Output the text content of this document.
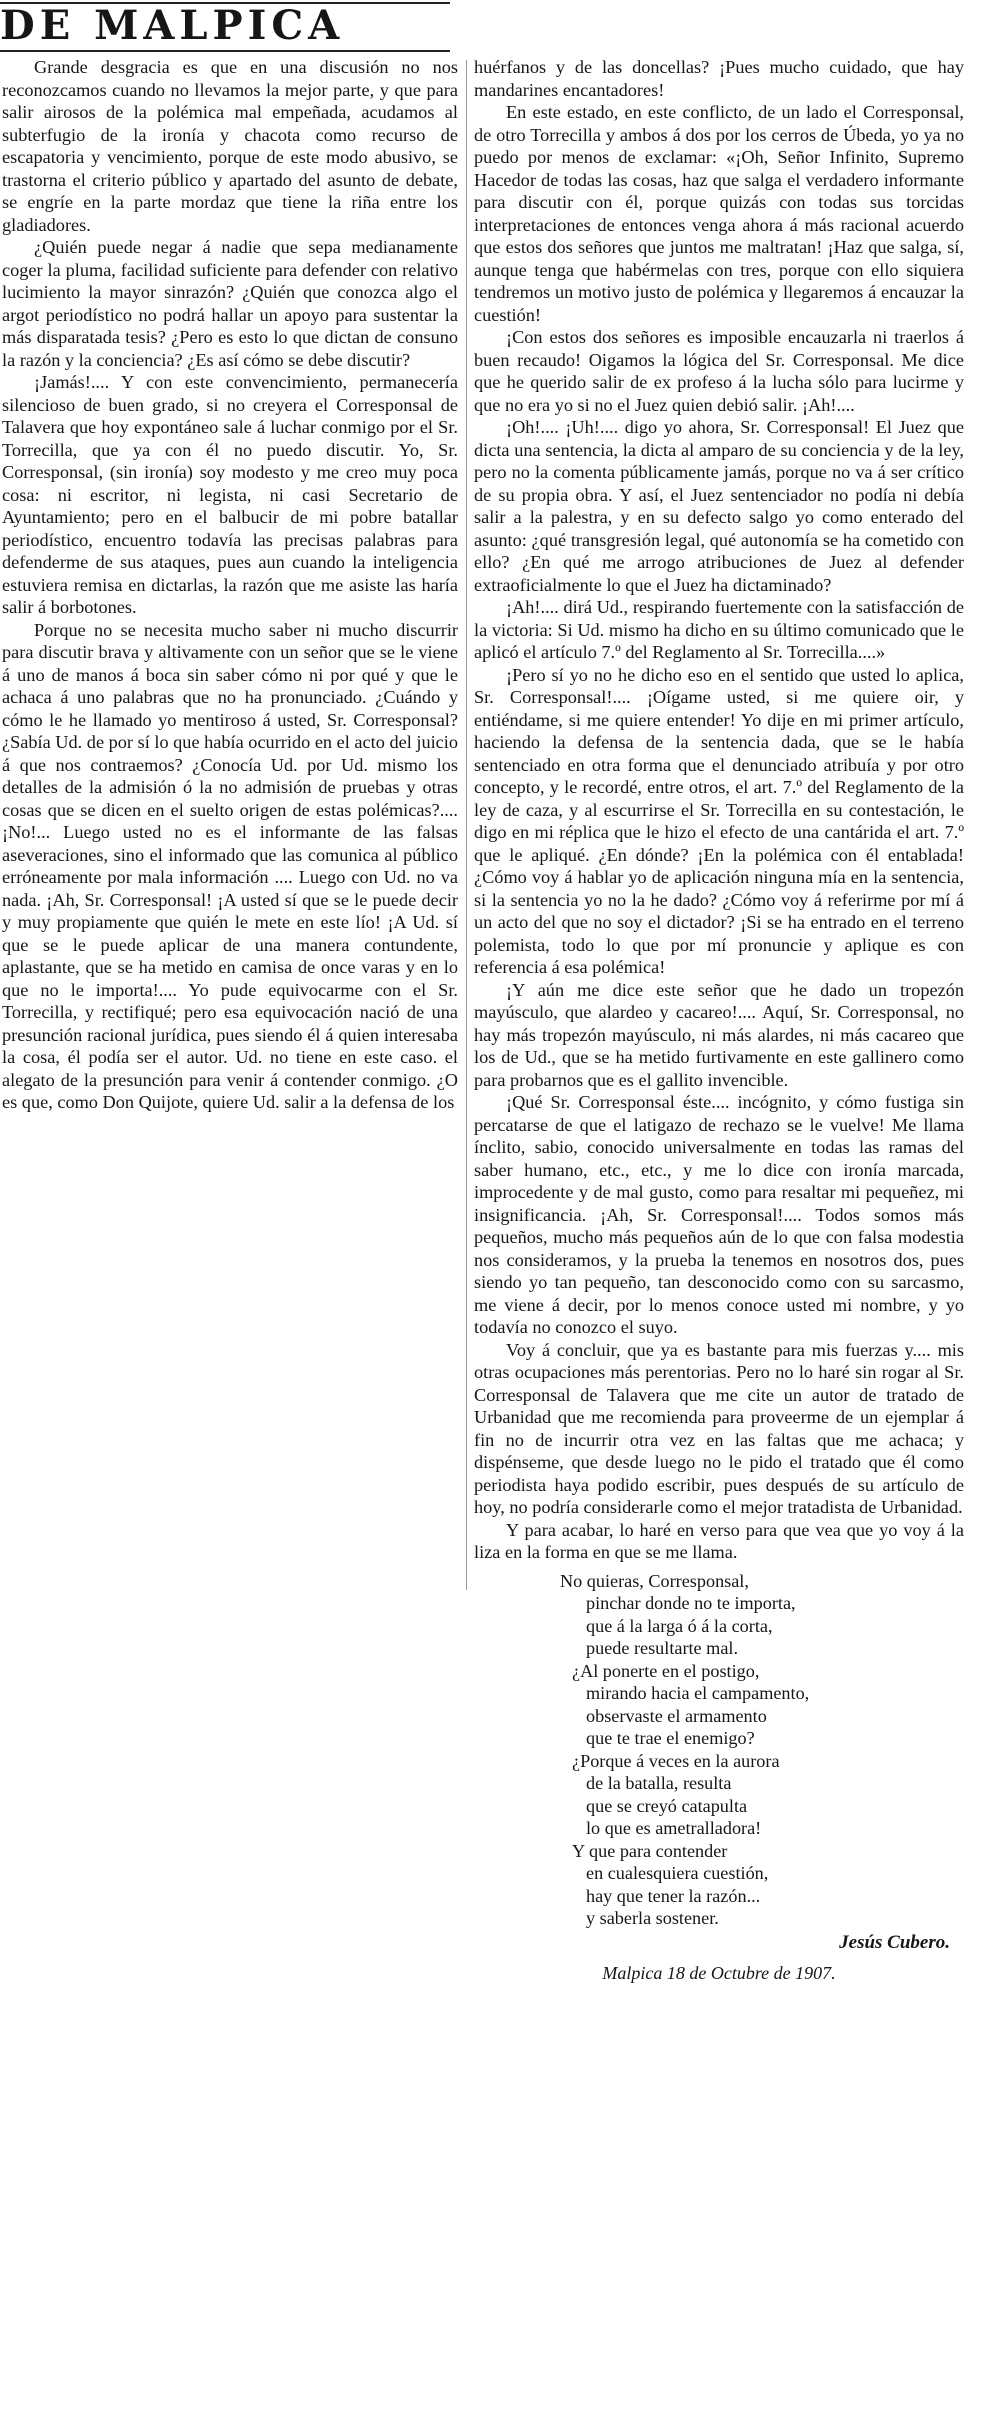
DE MALPICA

Grande desgracia es que en una discusión no nos reconozcamos cuando no llevamos la mejor parte, y que para salir airosos de la polémica mal empeñada, acudamos al subterfugio de la ironía y chacota como recurso de escapatoria y vencimiento, porque de este modo abusivo, se trastorna el criterio público y apartado del asunto de debate, se engríe en la parte mordaz que tiene la riña entre los gladiadores.

¿Quién puede negar á nadie que sepa medianamente coger la pluma, facilidad suficiente para defender con relativo lucimiento la mayor sinrazón? ¿Quién que conozca algo el argot periodístico no podrá hallar un apoyo para sustentar la más disparatada tesis? ¿Pero es esto lo que dictan de consuno la razón y la conciencia? ¿Es así cómo se debe discutir?

¡Jamás!.... Y con este convencimiento, permanecería silencioso de buen grado, si no creyera el Corresponsal de Talavera que hoy expontáneo sale á luchar conmigo por el Sr. Torrecilla, que ya con él no puedo discutir. Yo, Sr. Corresponsal, (sin ironía) soy modesto y me creo muy poca cosa: ni escritor, ni legista, ni casi Secretario de Ayuntamiento; pero en el balbucir de mi pobre batallar periodístico, encuentro todavía las precisas palabras para defenderme de sus ataques, pues aun cuando la inteligencia estuviera remisa en dictarlas, la razón que me asiste las haría salir á borbotones.

Porque no se necesita mucho saber ni mucho discurrir para discutir brava y altivamente con un señor que se le viene á uno de manos á boca sin saber cómo ni por qué y que le achaca á uno palabras que no ha pronunciado. ¿Cuándo y cómo le he llamado yo mentiroso á usted, Sr. Corresponsal? ¿Sabía Ud. de por sí lo que había ocurrido en el acto del juicio á que nos contraemos? ¿Conocía Ud. por Ud. mismo los detalles de la admisión ó la no admisión de pruebas y otras cosas que se dicen en el suelto origen de estas polémicas?.... ¡No!... Luego usted no es el informante de las falsas aseveraciones, sino el informado que las comunica al público erróneamente por mala información .... Luego con Ud. no va nada. ¡Ah, Sr. Corresponsal! ¡A usted sí que se le puede decir y muy propiamente que quién le mete en este lío! ¡A Ud. sí que se le puede aplicar de una manera contundente, aplastante, que se ha metido en camisa de once varas y en lo que no le importa!.... Yo pude equivocarme con el Sr. Torrecilla, y rectifiqué; pero esa equivocación nació de una presunción racional jurídica, pues siendo él á quien interesaba la cosa, él podía ser el autor. Ud. no tiene en este caso. el alegato de la presunción para venir á contender conmigo. ¿O es que, como Don Quijote, quiere Ud. salir a la defensa de los

huérfanos y de las doncellas? ¡Pues mucho cuidado, que hay mandarines encantadores!

En este estado, en este conflicto, de un lado el Corresponsal, de otro Torrecilla y ambos á dos por los cerros de Úbeda, yo ya no puedo por menos de exclamar: «¡Oh, Señor Infinito, Supremo Hacedor de todas las cosas, haz que salga el verdadero informante para discutir con él, porque quizás con todas sus torcidas interpretaciones de entonces venga ahora á más racional acuerdo que estos dos señores que juntos me maltratan! ¡Haz que salga, sí, aunque tenga que habérmelas con tres, porque con ello siquiera tendremos un motivo justo de polémica y llegaremos á encauzar la cuestión!

¡Con estos dos señores es imposible encauzarla ni traerlos á buen recaudo! Oigamos la lógica del Sr. Corresponsal. Me dice que he querido salir de ex profeso á la lucha sólo para lucirme y que no era yo si no el Juez quien debió salir. ¡Ah!....

¡Oh!.... ¡Uh!.... digo yo ahora, Sr. Corresponsal! El Juez que dicta una sentencia, la dicta al amparo de su conciencia y de la ley, pero no la comenta públicamente jamás, porque no va á ser crítico de su propia obra. Y así, el Juez sentenciador no podía ni debía salir a la palestra, y en su defecto salgo yo como enterado del asunto: ¿qué transgresión legal, qué autonomía se ha cometido con ello? ¿En qué me arrogo atribuciones de Juez al defender extraoficialmente lo que el Juez ha dictaminado?

¡Ah!.... dirá Ud., respirando fuertemente con la satisfacción de la victoria: Si Ud. mismo ha dicho en su último comunicado que le aplicó el artículo 7.º del Reglamento al Sr. Torrecilla....»

¡Pero sí yo no he dicho eso en el sentido que usted lo aplica, Sr. Corresponsal!.... ¡Oígame usted, si me quiere oir, y entiéndame, si me quiere entender! Yo dije en mi primer artículo, haciendo la defensa de la sentencia dada, que se le había sentenciado en otra forma que el denunciado atribuía y por otro concepto, y le recordé, entre otros, el art. 7.º del Reglamento de la ley de caza, y al escurrirse el Sr. Torrecilla en su contestación, le digo en mi réplica que le hizo el efecto de una cantárida el art. 7.º que le apliqué. ¿En dónde? ¡En la polémica con él entablada! ¿Cómo voy á hablar yo de aplicación ninguna mía en la sentencia, si la sentencia yo no la he dado? ¿Cómo voy á referirme por mí á un acto del que no soy el dictador? ¡Si se ha entrado en el terreno polemista, todo lo que por mí pronuncie y aplique es con referencia á esa polémica!

¡Y aún me dice este señor que he dado un tropezón mayúsculo, que alardeo y cacareo!.... Aquí, Sr. Corresponsal, no hay más tropezón mayúsculo, ni más alardes, ni más cacareo que los de Ud., que se ha metido furtivamente en este gallinero como para probarnos que es el gallito invencible.

¡Qué Sr. Corresponsal éste.... incógnito, y cómo fustiga sin percatarse de que el latigazo de rechazo se le vuelve! Me llama ínclito, sabio, conocido universalmente en todas las ramas del saber humano, etc., etc., y me lo dice con ironía marcada, improcedente y de mal gusto, como para resaltar mi pequeñez, mi insignificancia. ¡Ah, Sr. Corresponsal!.... Todos somos más pequeños, mucho más pequeños aún de lo que con falsa modestia nos consideramos, y la prueba la tenemos en nosotros dos, pues siendo yo tan pequeño, tan desconocido como con su sarcasmo, me viene á decir, por lo menos conoce usted mi nombre, y yo todavía no conozco el suyo.

Voy á concluir, que ya es bastante para mis fuerzas y.... mis otras ocupaciones más perentorias. Pero no lo haré sin rogar al Sr. Corresponsal de Talavera que me cite un autor de tratado de Urbanidad que me recomienda para proveerme de un ejemplar á fin no de incurrir otra vez en las faltas que me achaca; y dispénseme, que desde luego no le pido el tratado que él como periodista haya podido escribir, pues después de su artículo de hoy, no podría considerarle como el mejor tratadista de Urbanidad.

Y para acabar, lo haré en verso para que vea que yo voy á la liza en la forma en que se me llama.

No quieras, Corresponsal,
pinchar donde no te importa,
que á la larga ó á la corta,
puede resultarte mal.
¿Al ponerte en el postigo,
mirando hacia el campamento,
observaste el armamento
que te trae el enemigo?
¿Porque á veces en la aurora
de la batalla, resulta
que se creyó catapulta
lo que es ametralladora!
Y que para contender
en cualesquiera cuestión,
hay que tener la razón...
y saberla sostener.
Jesús Cubero.
Malpica 18 de Octubre de 1907.
